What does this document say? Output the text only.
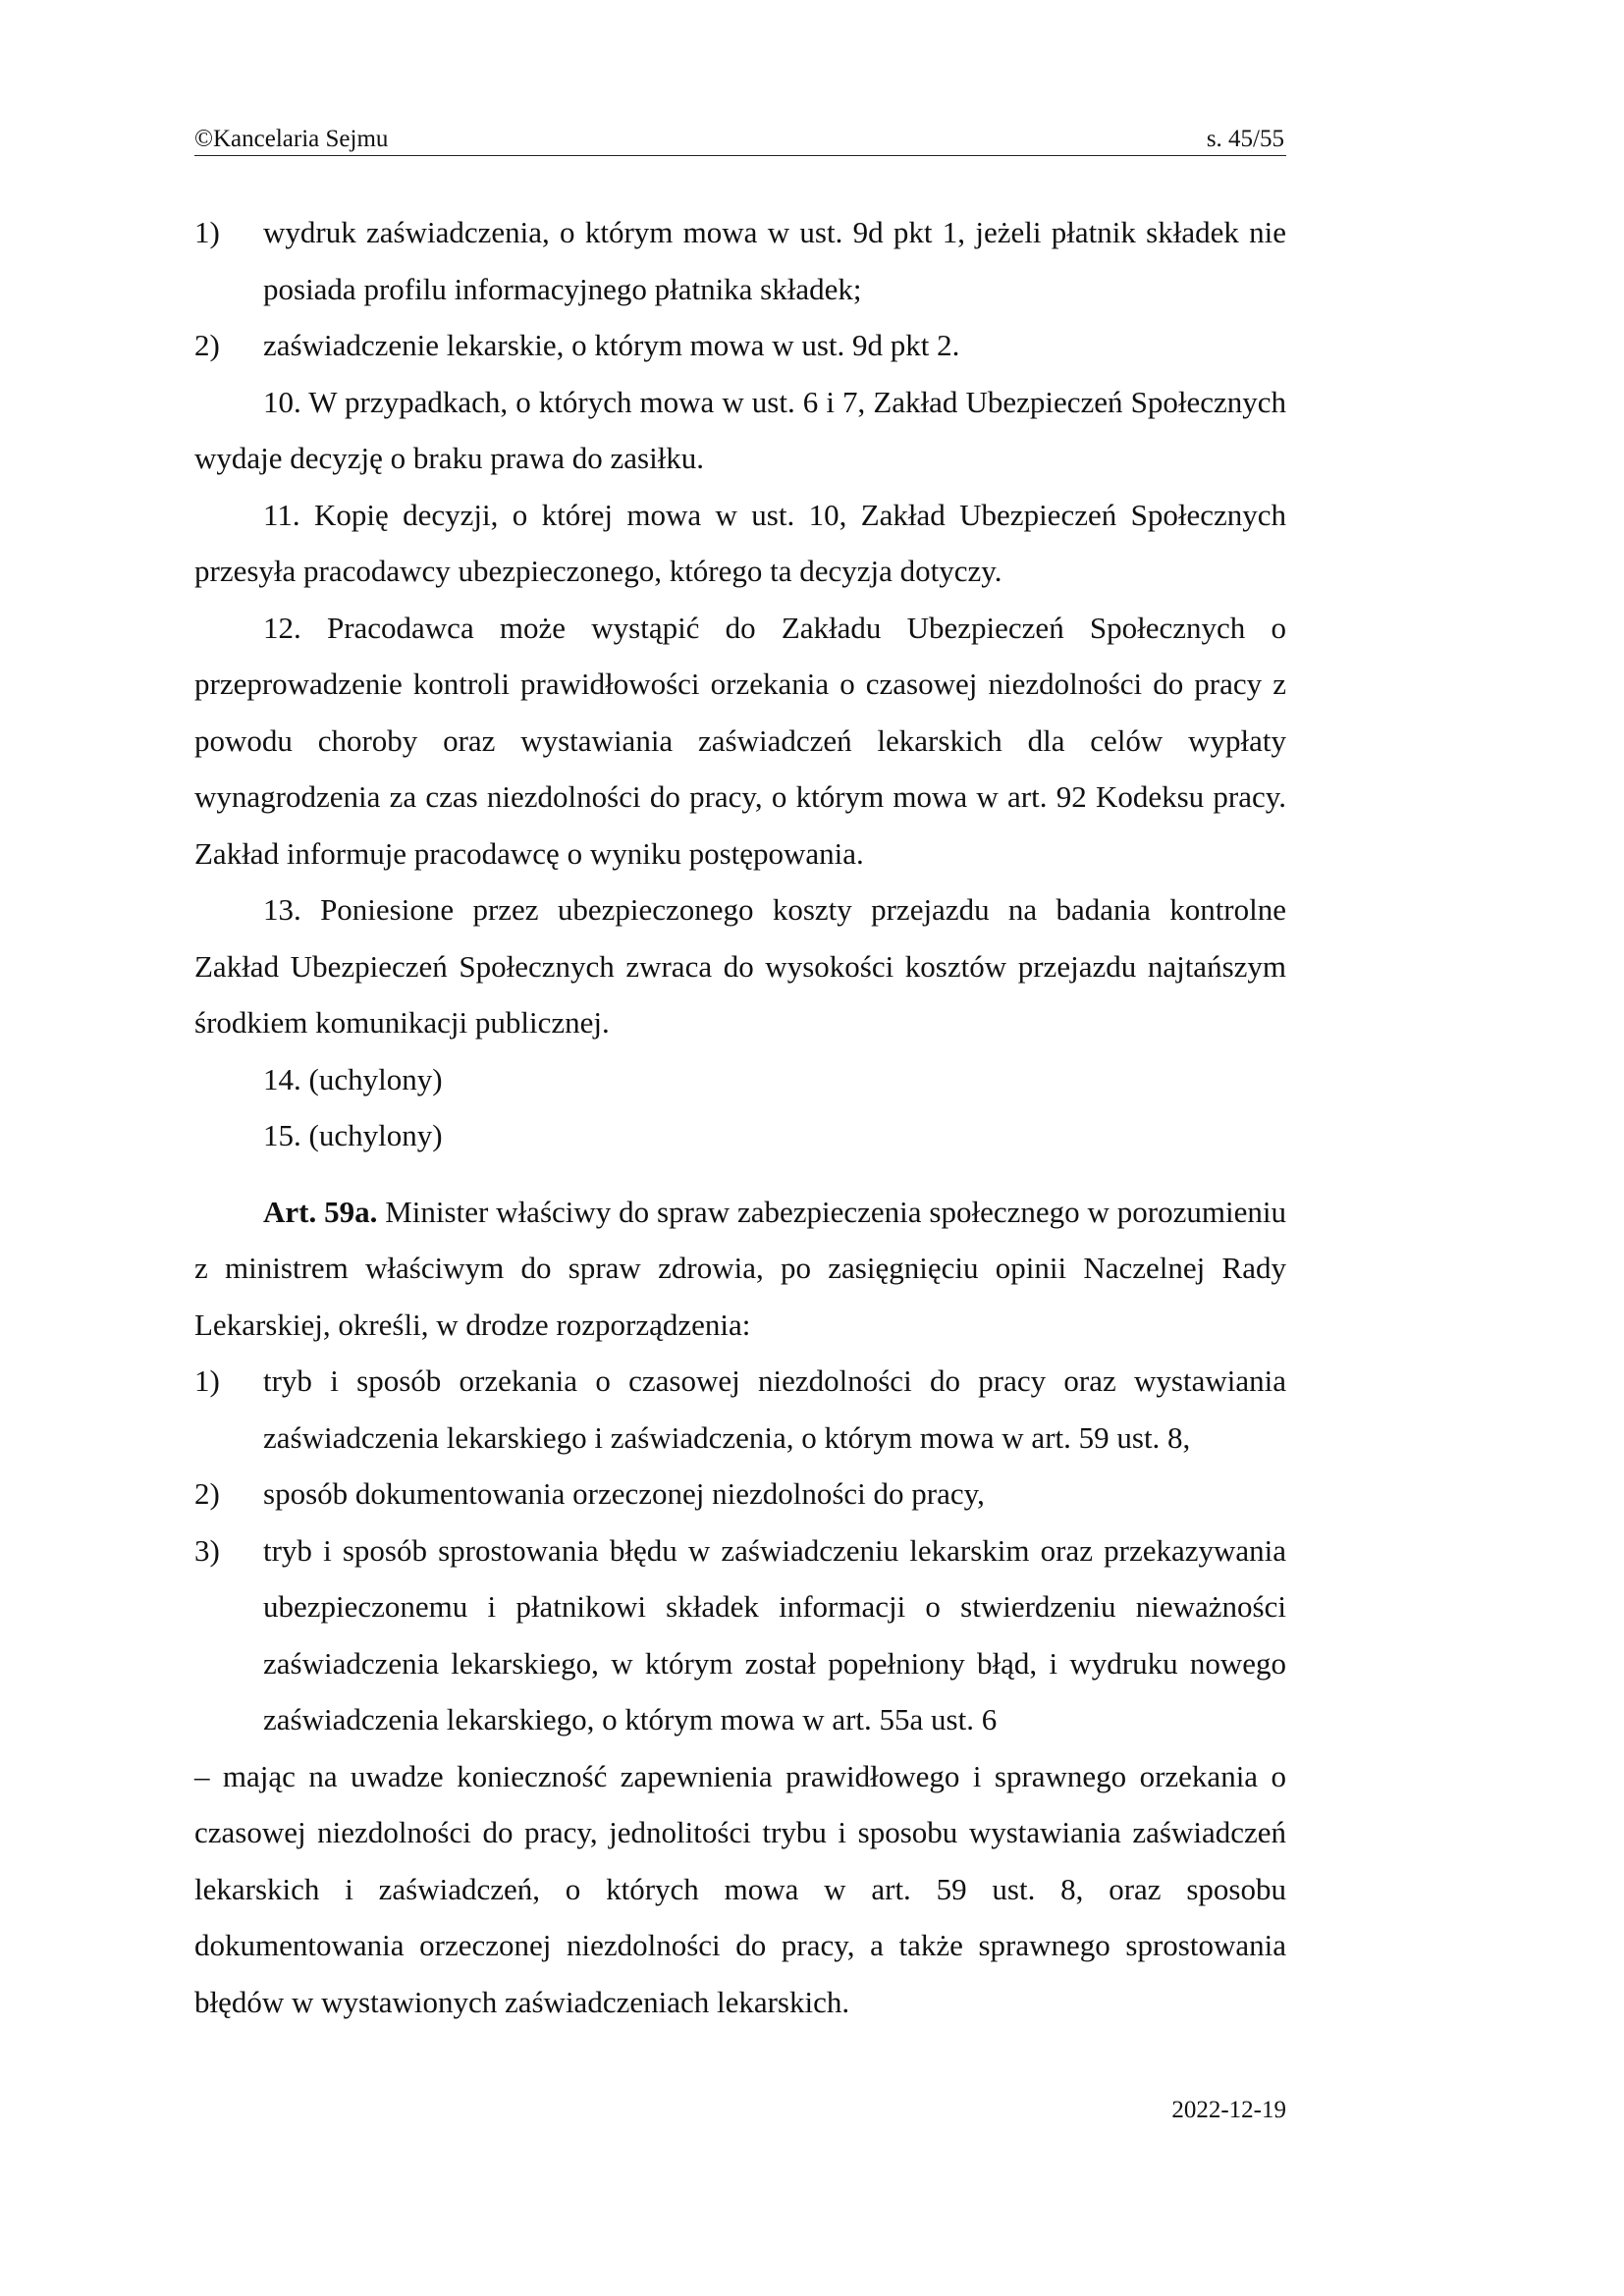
©Kancelaria Sejmu	s. 45/55

1) wydruk zaświadczenia, o którym mowa w ust. 9d pkt 1, jeżeli płatnik składek nie posiada profilu informacyjnego płatnika składek;

2) zaświadczenie lekarskie, o którym mowa w ust. 9d pkt 2.

10. W przypadkach, o których mowa w ust. 6 i 7, Zakład Ubezpieczeń Społecznych wydaje decyzję o braku prawa do zasiłku.

11. Kopię decyzji, o której mowa w ust. 10, Zakład Ubezpieczeń Społecznych przesyła pracodawcy ubezpieczonego, którego ta decyzja dotyczy.

12. Pracodawca może wystąpić do Zakładu Ubezpieczeń Społecznych o przeprowadzenie kontroli prawidłowości orzekania o czasowej niezdolności do pracy z powodu choroby oraz wystawiania zaświadczeń lekarskich dla celów wypłaty wynagrodzenia za czas niezdolności do pracy, o którym mowa w art. 92 Kodeksu pracy. Zakład informuje pracodawcę o wyniku postępowania.

13. Poniesione przez ubezpieczonego koszty przejazdu na badania kontrolne Zakład Ubezpieczeń Społecznych zwraca do wysokości kosztów przejazdu najtańszym środkiem komunikacji publicznej.

14. (uchylony)

15. (uchylony)

Art. 59a. Minister właściwy do spraw zabezpieczenia społecznego w porozumieniu z ministrem właściwym do spraw zdrowia, po zasięgnięciu opinii Naczelnej Rady Lekarskiej, określi, w drodze rozporządzenia:

1) tryb i sposób orzekania o czasowej niezdolności do pracy oraz wystawiania zaświadczenia lekarskiego i zaświadczenia, o którym mowa w art. 59 ust. 8,

2) sposób dokumentowania orzeczonej niezdolności do pracy,

3) tryb i sposób sprostowania błędu w zaświadczeniu lekarskim oraz przekazywania ubezpieczonemu i płatnikowi składek informacji o stwierdzeniu nieważności zaświadczenia lekarskiego, w którym został popełniony błąd, i wydruku nowego zaświadczenia lekarskiego, o którym mowa w art. 55a ust. 6

– mając na uwadze konieczność zapewnienia prawidłowego i sprawnego orzekania o czasowej niezdolności do pracy, jednolitości trybu i sposobu wystawiania zaświadczeń lekarskich i zaświadczeń, o których mowa w art. 59 ust. 8, oraz sposobu dokumentowania orzeczonej niezdolności do pracy, a także sprawnego sprostowania błędów w wystawionych zaświadczeniach lekarskich.

2022-12-19
